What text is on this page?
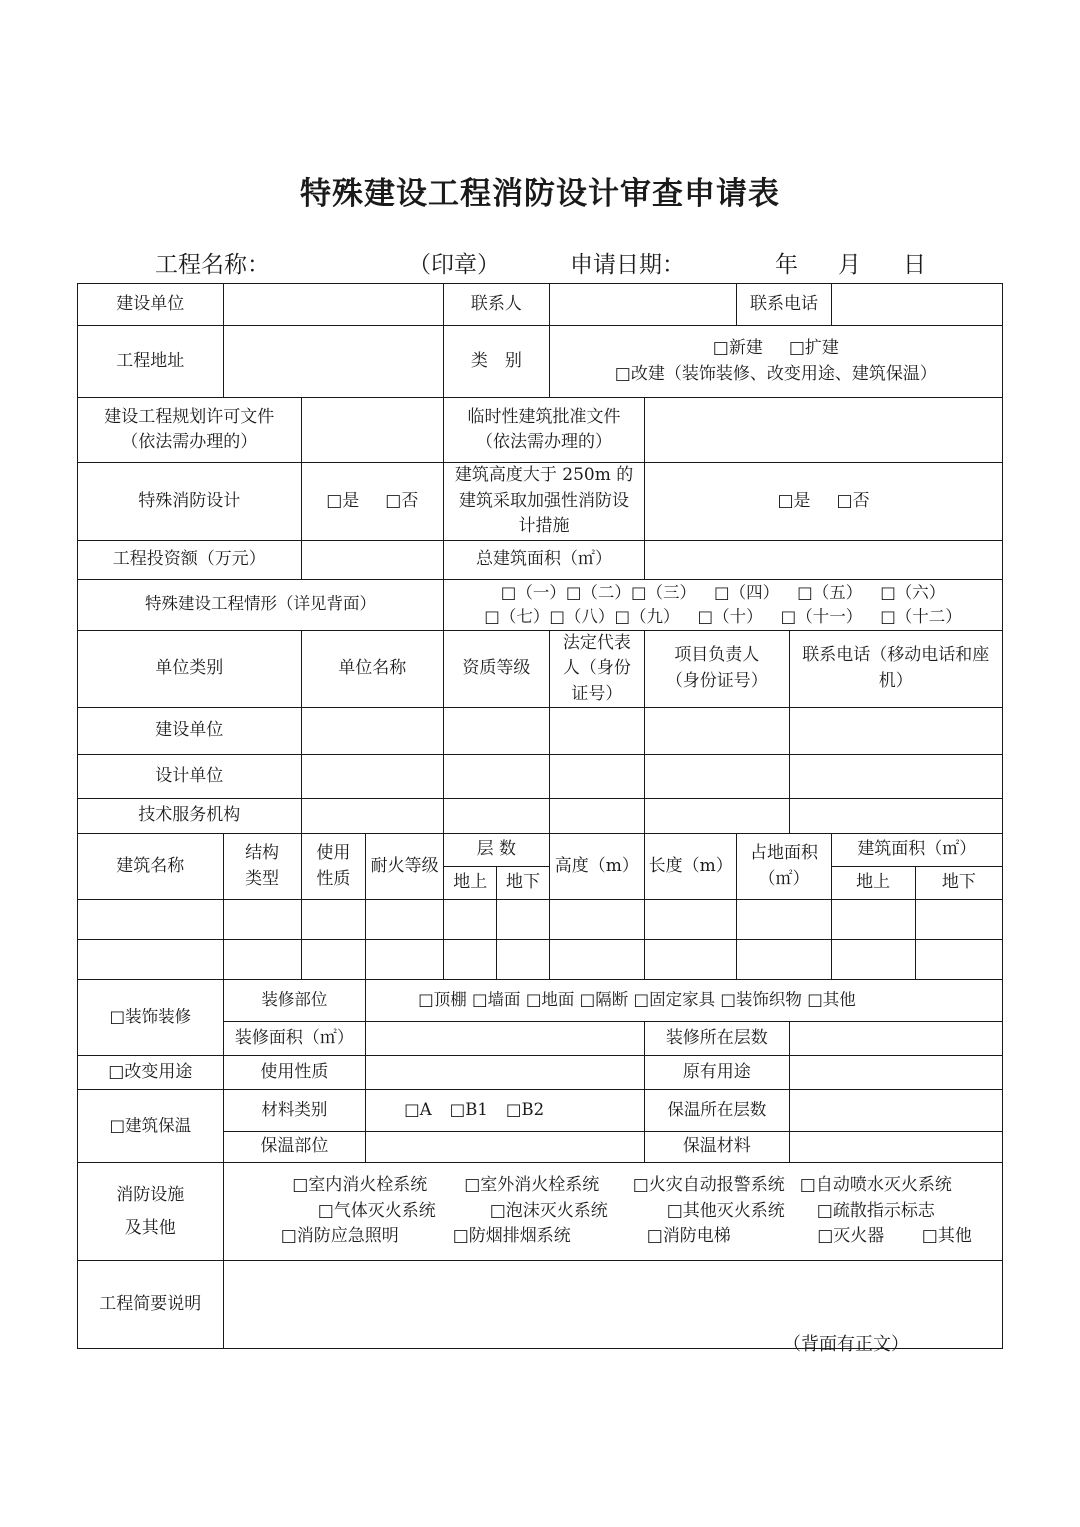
特殊建设工程消防设计审查申请表
工程名称：	（印章）	申请日期：	年 月 日
建设单位				联系人				联系电话			
工程地址				类　别		□新建 □扩建
□改建（装饰装修、改变用途、建筑保温）					
建设工程规划许可文件（依法需办理的）				临时性建筑批准文件（依法需办理的）							
特殊消防设计		□是 □否		建筑高度大于 250m 的建筑采取加强性消防设计措施			□是 □否				
工程投资额（万元）				总建筑面积（㎡）							
特殊建设工程情形（详见背面）				□（一）□（二）□（三） □（四） □（五） □（六）
□（七）□（八）□（九） □（十） □（十一） □（十二）							
单位类别		单位名称		资质等级		法定代表人（身份证号）	项目负责人（身份证号）		联系电话（移动电话和座机）		
建设单位											
设计单位											
技术服务机构											
建筑名称	结构类型	使用性质	耐火等级	层 数		高度（m）	长度（m）	占地面积（㎡）		建筑面积（㎡）	
				地上	地下					地上	地下

□装饰装修	装修部位		□顶棚 □墙面 □地面 □隔断 □固定家具 □装饰织物 □其他								
	装修面积（㎡）						装修所在层数				
□改变用途	使用性质						原有用途				
□建筑保温	材料类别		□A □B1 □B2				保温所在层数				
	保温部位						保温材料				
消防设施
及其他	□室内消火栓系统 □室外消火栓系统 □火灾自动报警系统 □自动喷水灭火系统
□气体灭火系统 □泡沫灭火系统 □其他灭火系统 □疏散指示标志
□消防应急照明 □防烟排烟系统 □消防电梯 □灭火器 □其他										
工程简要说明											
（背面有正文）
